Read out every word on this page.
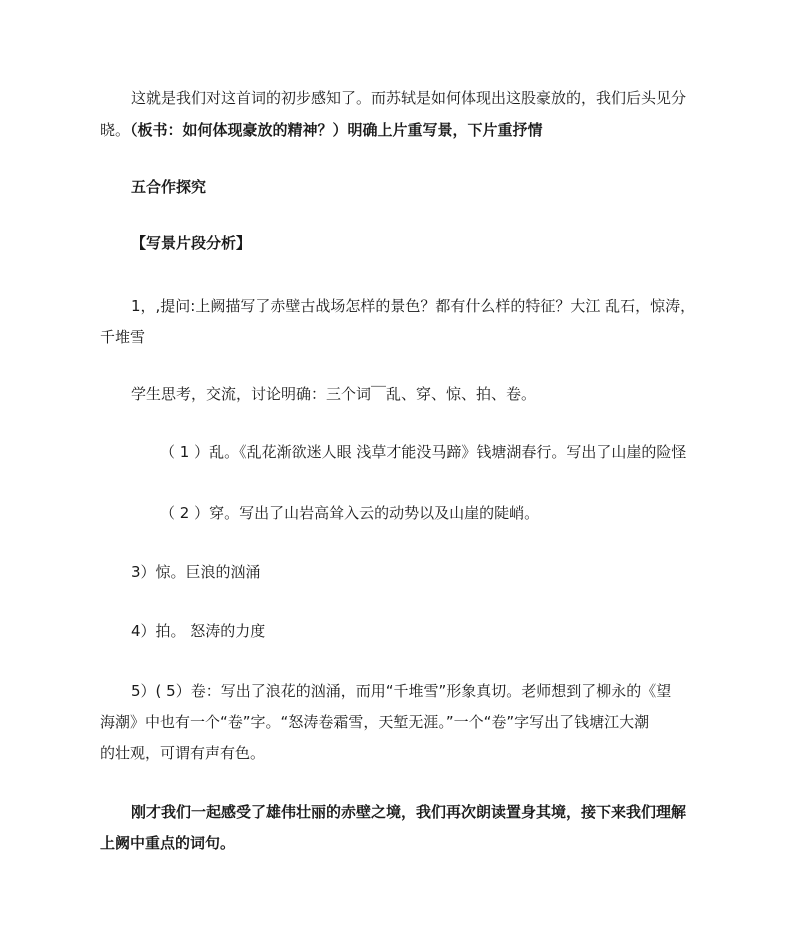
这就是我们对这首词的初步感知了。而苏轼是如何体现出这股豪放的，我们后头见分
晓。（板书：如何体现豪放的精神？）明确上片重写景，下片重抒情
五合作探究
【写景片段分析】
1，,提问:上阙描写了赤壁古战场怎样的景色？都有什么样的特征？大江 乱石，惊涛，
千堆雪
学生思考，交流，讨论明确：三个词￣乱、穿、惊、拍、卷。
（ 1 ）乱。《乱花渐欲迷人眼 浅草才能没马蹄》钱塘湖春行。写出了山崖的险怪
（ 2 ）穿。写出了山岩高耸入云的动势以及山崖的陡峭。
3）惊。巨浪的汹涌
4）拍。 怒涛的力度
5）( 5）卷：写出了浪花的汹涌，而用“千堆雪”形象真切。老师想到了柳永的《望
海潮》中也有一个“卷”字。“怒涛卷霜雪，天堑无涯。”一个“卷”字写出了钱塘江大潮
的壮观，可谓有声有色。
刚才我们一起感受了雄伟壮丽的赤壁之境，我们再次朗读置身其境，接下来我们理解
上阙中重点的词句。
